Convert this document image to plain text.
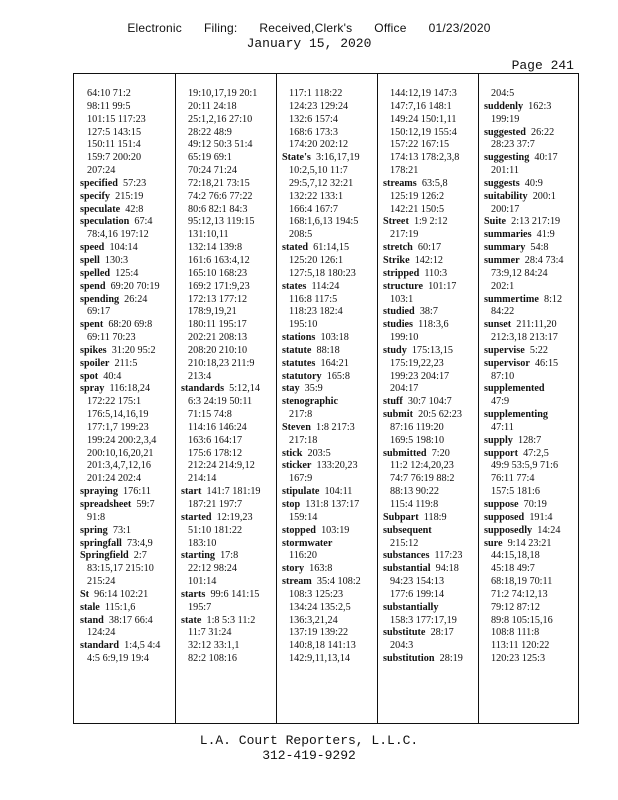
Electronic Filing: Received,Clerk's Office 01/23/2020
January 15, 2020
Page 241
64:10 71:2
98:11 99:5
101:15 117:23
127:5 143:15
150:11 151:4
159:7 200:20
207:24
specified  57:23
specify  215:19
speculate  42:8
speculation  67:4
78:4,16 197:12
speed  104:14
spell  130:3
spelled  125:4
spend  69:20 70:19
spending  26:24
69:17
spent  68:20 69:8
69:11 70:23
spikes  31:20 95:2
spoiler  211:5
spot  40:4
spray  116:18,24
172:22 175:1
176:5,14,16,19
177:1,7 199:23
199:24 200:2,3,4
200:10,16,20,21
201:3,4,7,12,16
201:24 202:4
spraying  176:11
spreadsheet  59:7
91:8
spring  73:1
springfall  73:4,9
Springfield  2:7
83:15,17 215:10
215:24
St  96:14 102:21
stale  115:1,6
stand  38:17 66:4
124:24
standard  1:4,5 4:4
4:5 6:9,19 19:4
19:10,17,19 20:1
20:11 24:18
25:1,2,16 27:10
28:22 48:9
49:12 50:3 51:4
65:19 69:1
70:24 71:24
72:18,21 73:15
74:2 76:6 77:22
80:6 82:1 84:3
95:12,13 119:15
131:10,11
132:14 139:8
161:6 163:4,12
165:10 168:23
169:2 171:9,23
172:13 177:12
178:9,19,21
180:11 195:17
202:21 208:13
208:20 210:10
210:18,23 211:9
213:4
standards  5:12,14
6:3 24:19 50:11
71:15 74:8
114:16 146:24
163:6 164:17
175:6 178:12
212:24 214:9,12
214:14
start  141:7 181:19
187:21 197:7
started  12:19,23
51:10 181:22
183:10
starting  17:8
22:12 98:24
101:14
starts  99:6 141:15
195:7
state  1:8 5:3 11:2
11:7 31:24
32:12 33:1,1
82:2 108:16
117:1 118:22
124:23 129:24
132:6 157:4
168:6 173:3
174:20 202:12
State's  3:16,17,19
10:2,5,10 11:7
29:5,7,12 32:21
132:22 133:1
166:4 167:7
168:1,6,13 194:5
208:5
stated  61:14,15
125:20 126:1
127:5,18 180:23
states  114:24
116:8 117:5
118:23 182:4
195:10
stations  103:18
statute  88:18
statutes  164:21
statutory  165:8
stay  35:9
stenographic 
217:8
Steven  1:8 217:3
217:18
stick  203:5
sticker  133:20,23
167:9
stipulate  104:11
stop  131:8 137:17
159:14
stopped  103:19
stormwater 
116:20
story  163:8
stream  35:4 108:2
108:3 125:23
134:24 135:2,5
136:3,21,24
137:19 139:22
140:8,18 141:13
142:9,11,13,14
144:12,19 147:3
147:7,16 148:1
149:24 150:1,11
150:12,19 155:4
157:22 167:15
174:13 178:2,3,8
178:21
streams  63:5,8
125:19 126:2
142:21 150:5
Street  1:9 2:12
217:19
stretch  60:17
Strike  142:12
stripped  110:3
structure  101:17
103:1
studied  38:7
studies  118:3,6
199:10
study  175:13,15
175:19,22,23
199:23 204:17
204:17
stuff  30:7 104:7
submit  20:5 62:23
87:16 119:20
169:5 198:10
submitted  7:20
11:2 12:4,20,23
74:7 76:19 88:2
88:13 90:22
115:4 119:8
Subpart  118:9
subsequent 
215:12
substances  117:23
substantial  94:18
94:23 154:13
177:6 199:14
substantially 
158:3 177:17,19
substitute  28:17
204:3
substitution  28:19
204:5
suddenly  162:3
199:19
suggested  26:22
28:23 37:7
suggesting  40:17
201:11
suggests  40:9
suitability  200:1
200:17
Suite  2:13 217:19
summaries  41:9
summary  54:8
summer  28:4 73:4
73:9,12 84:24
202:1
summertime  8:12
84:22
sunset  211:11,20
212:3,18 213:17
supervise  5:22
supervisor  46:15
87:10
supplemented 
47:9
supplementing 
47:11
supply  128:7
support  47:2,5
49:9 53:5,9 71:6
76:11 77:4
157:5 181:6
suppose  70:19
supposed  191:4
supposedly  14:24
sure  9:14 23:21
44:15,18,18
45:18 49:7
68:18,19 70:11
71:2 74:12,13
79:12 87:12
89:8 105:15,16
108:8 111:8
113:11 120:22
120:23 125:3
L.A. Court Reporters, L.L.C.
312-419-9292
